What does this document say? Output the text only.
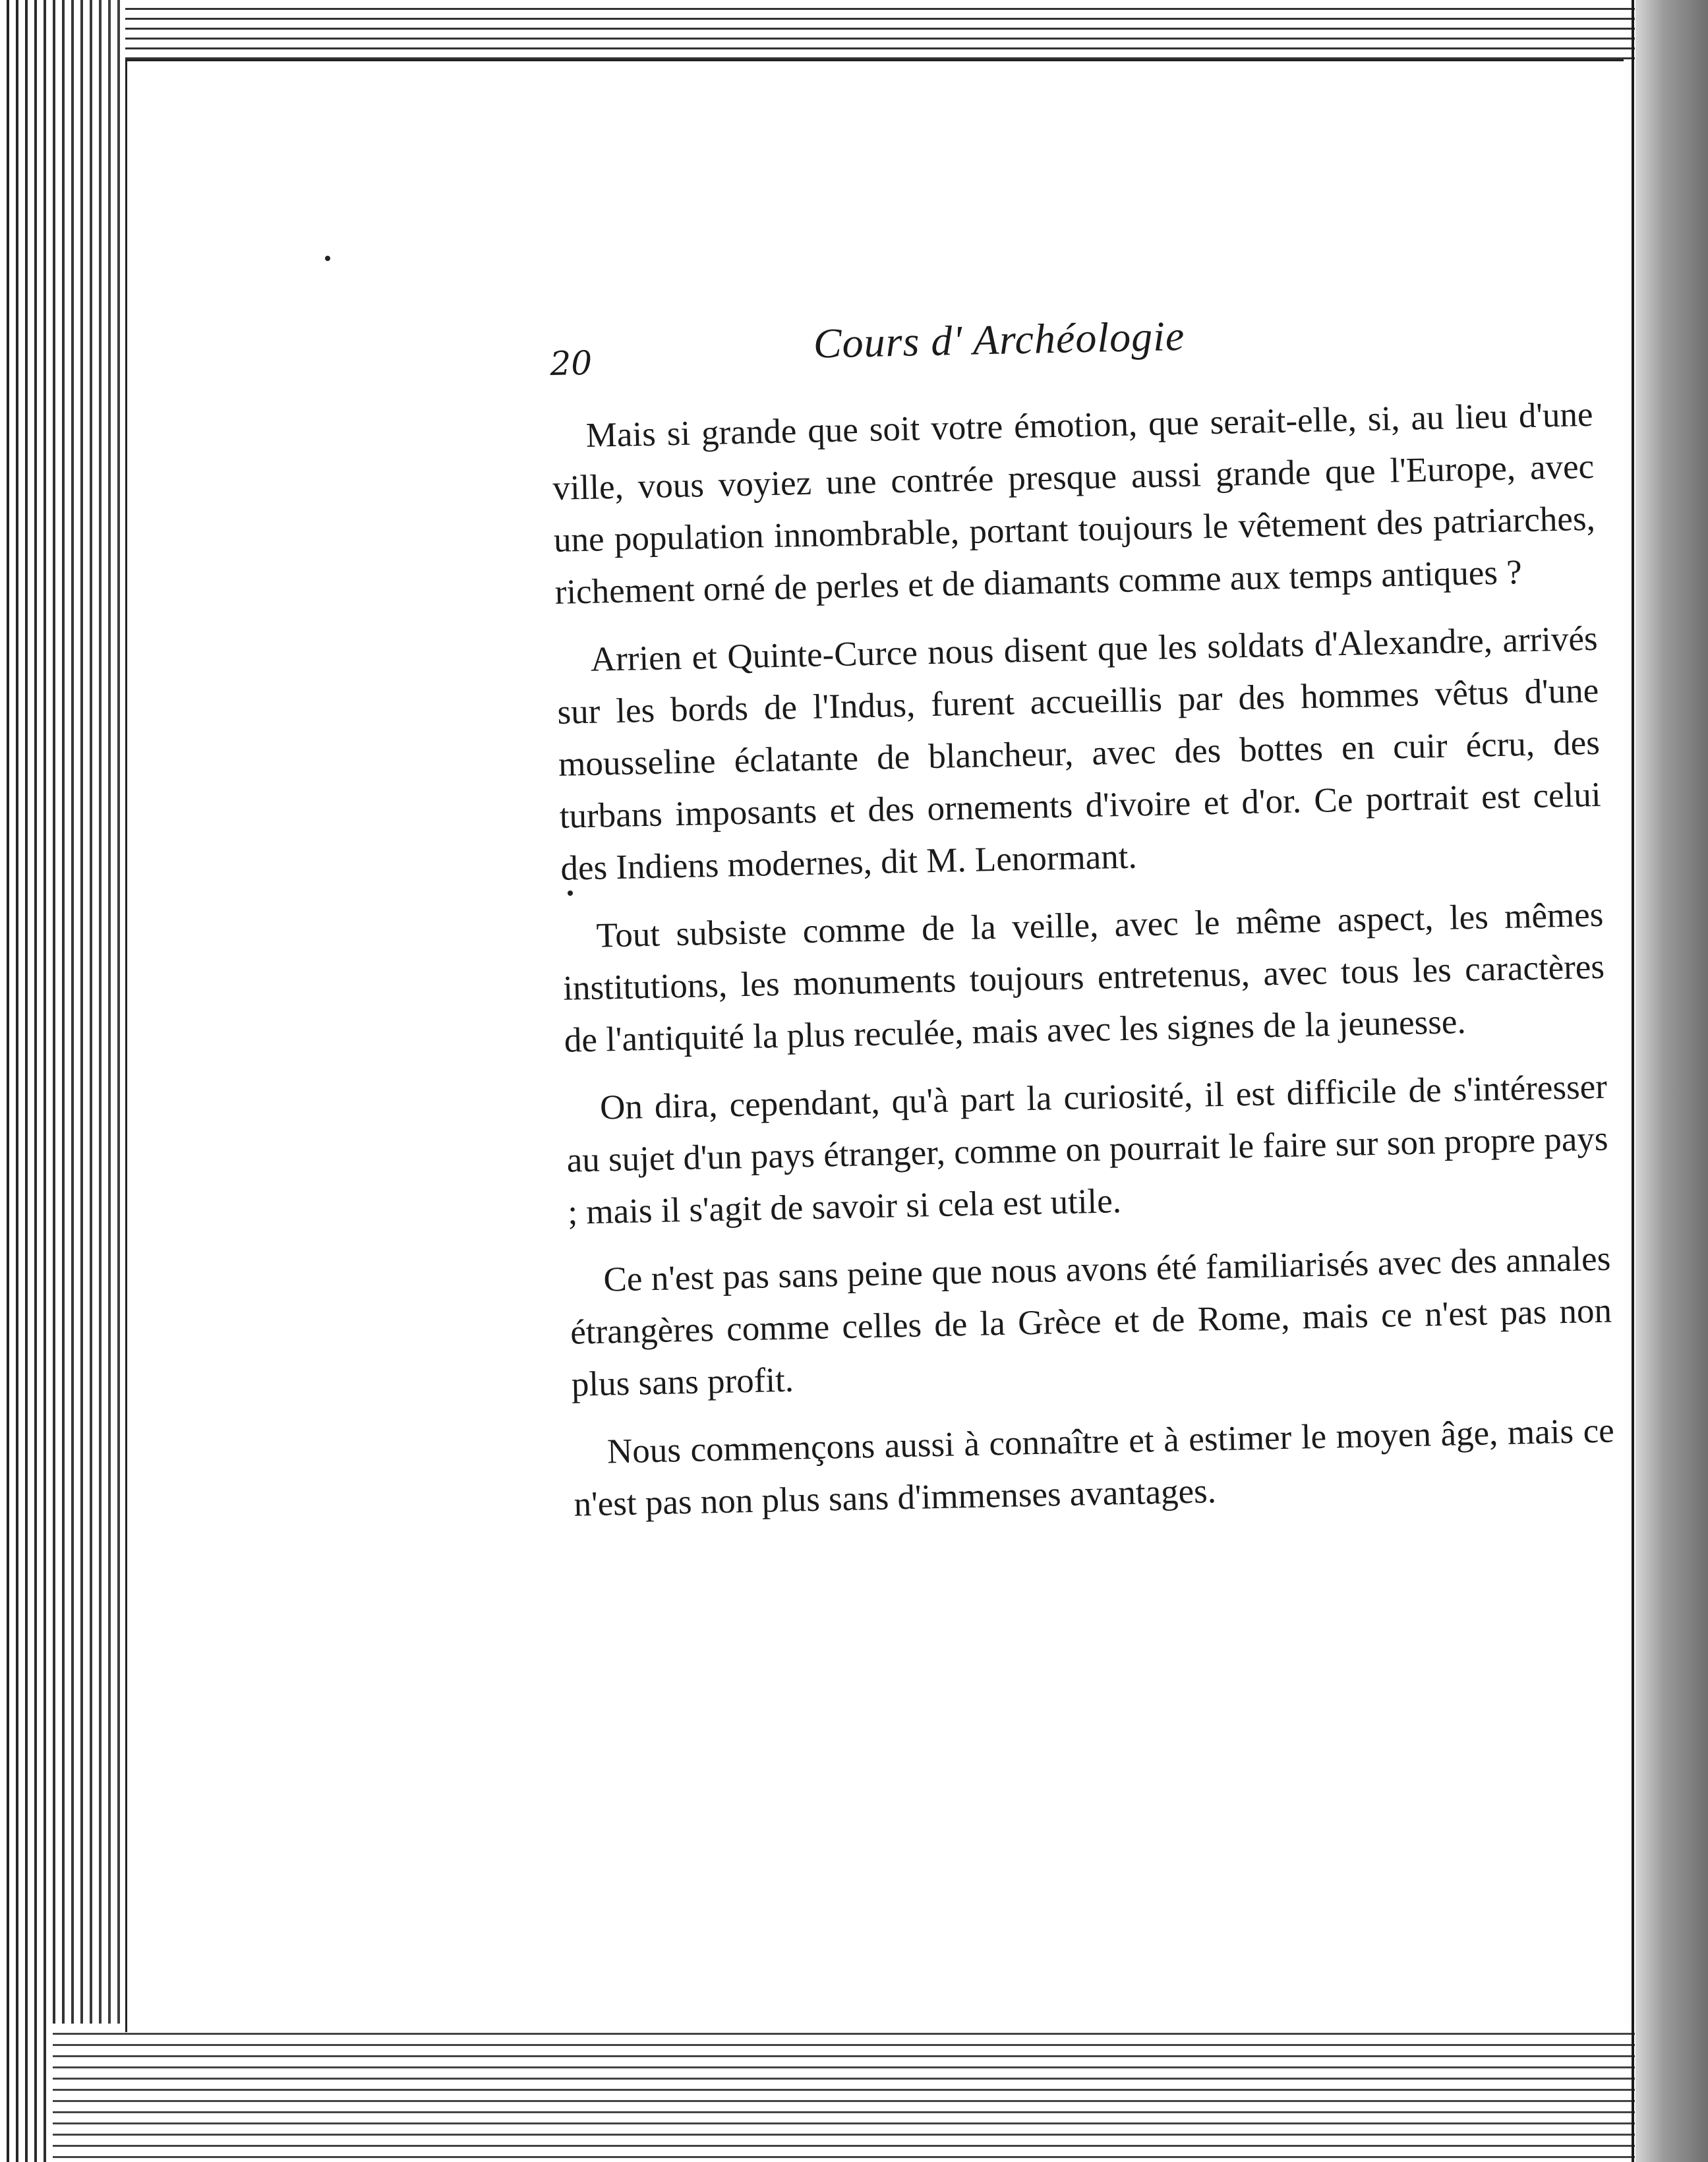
20	Cours d' Archéologie

Mais si grande que soit votre émotion, que serait-elle, si, au lieu d'une ville, vous voyiez une contrée presque aussi grande que l'Europe, avec une population innombrable, portant toujours le vêtement des patriarches, richement orné de perles et de diamants comme aux temps antiques ?

Arrien et Quinte-Curce nous disent que les soldats d'Alexandre, arrivés sur les bords de l'Indus, furent accueillis par des hommes vêtus d'une mousseline éclatante de blancheur, avec des bottes en cuir écru, des turbans imposants et des ornements d'ivoire et d'or. Ce portrait est celui des Indiens modernes, dit M. Lenormant.

Tout subsiste comme de la veille, avec le même aspect, les mêmes institutions, les monuments toujours entretenus, avec tous les caractères de l'antiquité la plus reculée, mais avec les signes de la jeunesse.

On dira, cependant, qu'à part la curiosité, il est difficile de s'intéresser au sujet d'un pays étranger, comme on pourrait le faire sur son propre pays ; mais il s'agit de savoir si cela est utile.

Ce n'est pas sans peine que nous avons été familiarisés avec des annales étrangères comme celles de la Grèce et de Rome, mais ce n'est pas non plus sans profit.

Nous commençons aussi à connaître et à estimer le moyen âge, mais ce n'est pas non plus sans d'immenses avantages.
